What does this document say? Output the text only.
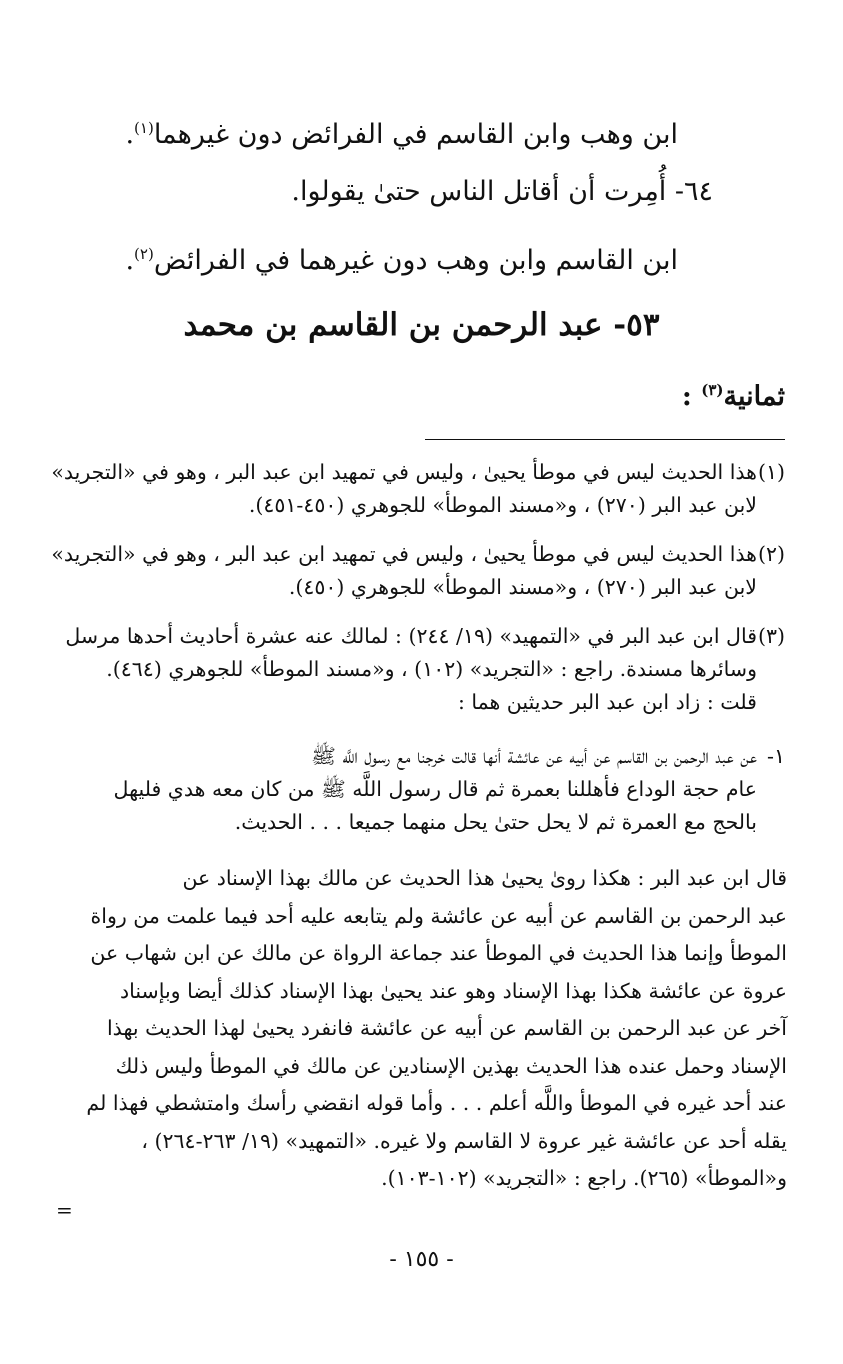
ابن وهب وابن القاسم في الفرائض دون غيرهما$^{(١)}$.
٦٤- أُمِرت أن أقاتل الناس حتىٰ يقولوا.
ابن القاسم وابن وهب دون غيرهما في الفرائض$^{(٢)}$.
٥٣- عبد الرحمن بن القاسم بن محمد
ثمانية$^{(٣)}$ :
(١)
هذا الحديث ليس في موطأ يحيىٰ ، وليس في تمهيد ابن عبد البر ، وهو في «التجريد»
لابن عبد البر (٢٧٠) ، و«مسند الموطأ» للجوهري (٤٥٠-٤٥١).
(٢)
هذا الحديث ليس في موطأ يحيىٰ ، وليس في تمهيد ابن عبد البر ، وهو في «التجريد»
لابن عبد البر (٢٧٠) ، و«مسند الموطأ» للجوهري (٤٥٠).
(٣)
قال ابن عبد البر في «التمهيد» (١٩/ ٢٤٤) : لمالك عنه عشرة أحاديث أحدها مرسل
وسائرها مسندة. راجع : «التجريد» (١٠٢) ، و«مسند الموطأ» للجوهري (٤٦٤).
قلت : زاد ابن عبد البر حديثين هما :
١-
عن عبد الرحمن بن القاسم عن أبيه عن عائشة أنها قالت خرجنا مع رسول اللَّه ﷺ
عام حجة الوداع فأهللنا بعمرة ثم قال رسول اللَّه ﷺ من كان معه هدي فليهل
بالحج مع العمرة ثم لا يحل حتىٰ يحل منهما جميعا . . . الحديث.
قال ابن عبد البر : هكذا روىٰ يحيىٰ هذا الحديث عن مالك بهذا الإسناد عن
عبد الرحمن بن القاسم عن أبيه عن عائشة ولم يتابعه عليه أحد فيما علمت من رواة
الموطأ وإنما هذا الحديث في الموطأ عند جماعة الرواة عن مالك عن ابن شهاب عن
عروة عن عائشة هكذا بهذا الإسناد وهو عند يحيىٰ بهذا الإسناد كذلك أيضا وبإسناد
آخر عن عبد الرحمن بن القاسم عن أبيه عن عائشة فانفرد يحيىٰ لهذا الحديث بهذا
الإسناد وحمل عنده هذا الحديث بهذين الإسنادين عن مالك في الموطأ وليس ذلك
عند أحد غيره في الموطأ واللَّه أعلم . . . وأما قوله انقضي رأسك وامتشطي فهذا لم
يقله أحد عن عائشة غير عروة لا القاسم ولا غيره. «التمهيد» (١٩/ ٢٦٣-٢٦٤) ،
و«الموطأ» (٢٦٥). راجع : «التجريد» (١٠٢-١٠٣).
=
- ١٥٥ -
